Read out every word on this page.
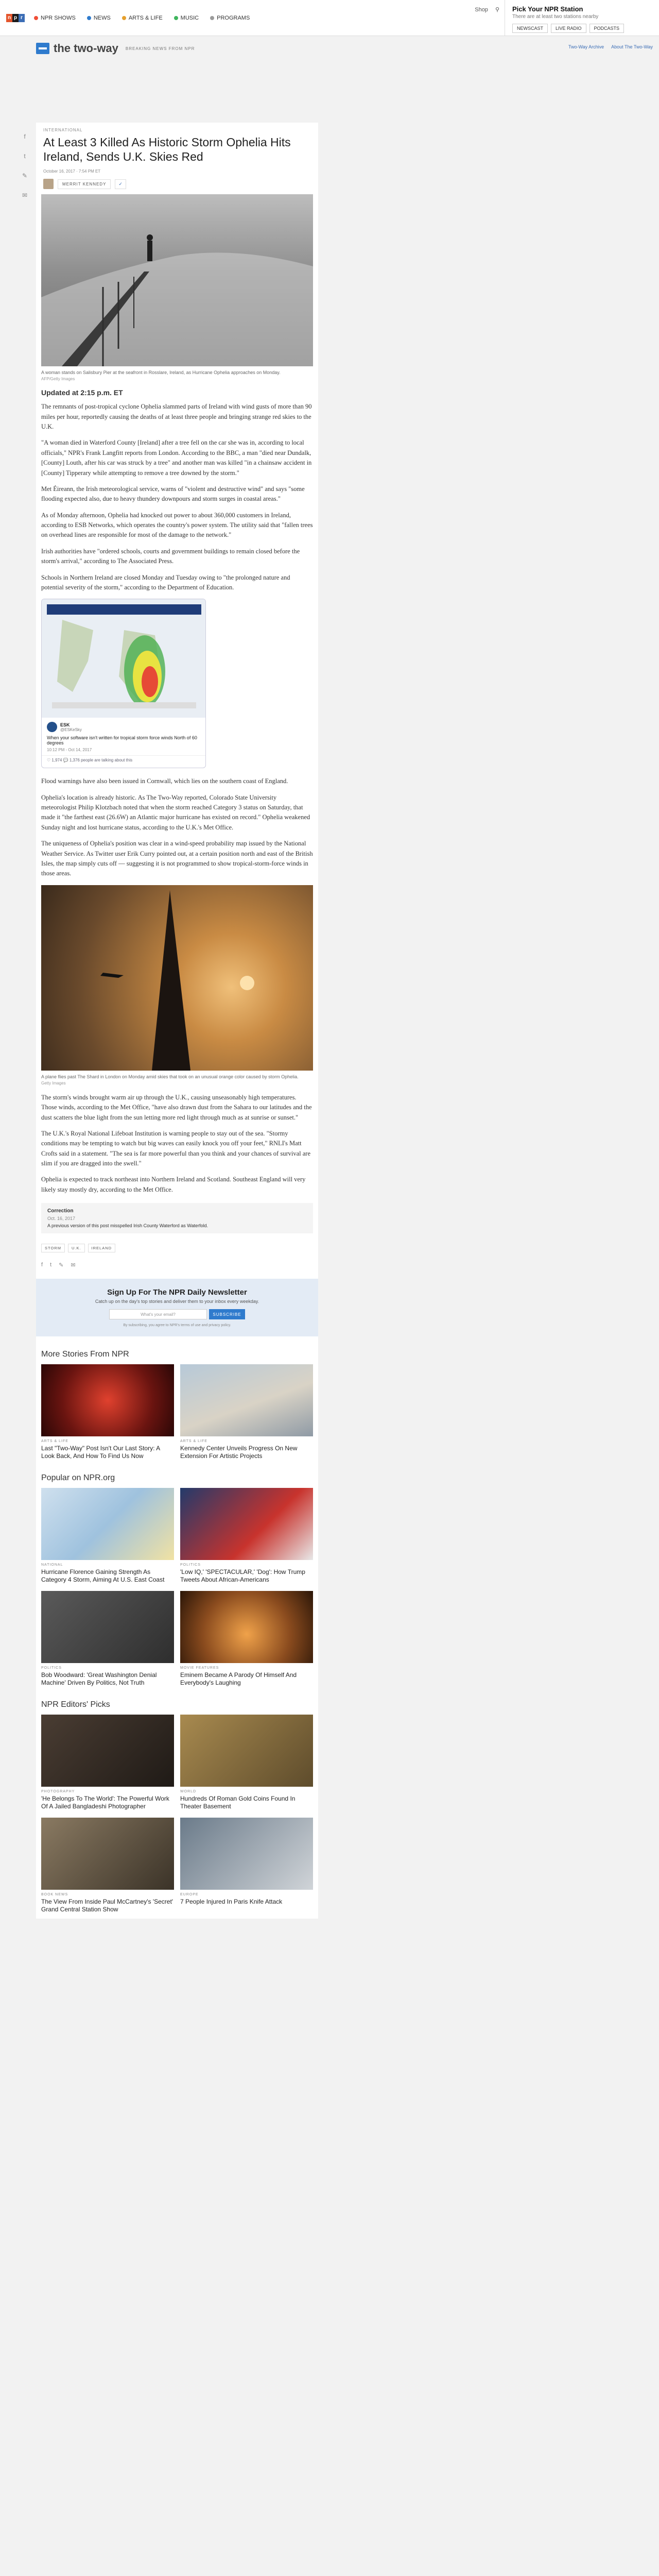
n p r	NPR SHOWS	NEWS	ARTS & LIFE	MUSIC	PROGRAMS
Shop ⚲ Pick Your NPR Station
There are at least two stations nearby
NEWSCAST	LIVE RADIO	PODCASTS
the two-way BREAKING NEWS FROM NPR	Two-Way Archive About The Two-Way
f
t
✎
✉
INTERNATIONAL
At Least 3 Killed As Historic Storm Ophelia Hits Ireland, Sends U.K. Skies Red
October 16, 2017 · 7:54 PM ET
MERRIT KENNEDY	✓
A woman stands on Salisbury Pier at the seafront in Rosslare, Ireland, as Hurricane Ophelia approaches on Monday.
AFP/Getty Images
Updated at 2:15 p.m. ET

The remnants of post-tropical cyclone Ophelia slammed parts of Ireland with wind gusts of more than 90 miles per hour, reportedly causing the deaths of at least three people and bringing strange red skies to the U.K.

"A woman died in Waterford County [Ireland] after a tree fell on the car she was in, according to local officials," NPR's Frank Langfitt reports from London. According to the BBC, a man "died near Dundalk, [County] Louth, after his car was struck by a tree" and another man was killed "in a chainsaw accident in [County] Tipperary while attempting to remove a tree downed by the storm."

Met Éireann, the Irish meteorological service, warns of "violent and destructive wind" and says "some flooding expected also, due to heavy thundery downpours and storm surges in coastal areas."

As of Monday afternoon, Ophelia had knocked out power to about 360,000 customers in Ireland, according to ESB Networks, which operates the country's power system. The utility said that "fallen trees on overhead lines are responsible for most of the damage to the network."

Irish authorities have "ordered schools, courts and government buildings to remain closed before the storm's arrival," according to The Associated Press.

Schools in Northern Ireland are closed Monday and Tuesday owing to "the prolonged nature and potential severity of the storm," according to the Department of Education.

ESK
@ESKeSky
When your software isn't written for tropical storm force winds North of 60 degrees
10:12 PM - Oct 14, 2017
♡ 1,974 💬 1,376 people are talking about this

Flood warnings have also been issued in Cornwall, which lies on the southern coast of England.

Ophelia's location is already historic. As The Two-Way reported, Colorado State University meteorologist Philip Klotzbach noted that when the storm reached Category 3 status on Saturday, that made it "the farthest east (26.6W) an Atlantic major hurricane has existed on record." Ophelia weakened Sunday night and lost hurricane status, according to the U.K.'s Met Office.

The uniqueness of Ophelia's position was clear in a wind-speed probability map issued by the National Weather Service. As Twitter user Erik Curry pointed out, at a certain position north and east of the British Isles, the map simply cuts off — suggesting it is not programmed to show tropical-storm-force winds in those areas.

A plane flies past The Shard in London on Monday amid skies that took on an unusual orange color caused by storm Ophelia.
Getty Images

The storm's winds brought warm air up through the U.K., causing unseasonably high temperatures. Those winds, according to the Met Office, "have also drawn dust from the Sahara to our latitudes and the dust scatters the blue light from the sun letting more red light through much as at sunrise or sunset."

The U.K.'s Royal National Lifeboat Institution is warning people to stay out of the sea. "Stormy conditions may be tempting to watch but big waves can easily knock you off your feet," RNLI's Matt Crofts said in a statement. "The sea is far more powerful than you think and your chances of survival are slim if you are dragged into the swell."

Ophelia is expected to track northeast into Northern Ireland and Scotland. Southeast England will very likely stay mostly dry, according to the Met Office.

Correction
Oct. 16, 2017
A previous version of this post misspelled Irish County Waterford as Waterfold.
STORM	U.K.	IRELAND
f t ✎ ✉
Sign Up For The NPR Daily Newsletter
Catch up on the day's top stories and deliver them to your inbox every weekday.
What's your email?	SUBSCRIBE
By subscribing, you agree to NPR's terms of use and privacy policy.
More Stories From NPR
ARTS & LIFE
Last "Two-Way" Post Isn't Our Last Story: A Look Back, And How To Find Us Now
ARTS & LIFE
Kennedy Center Unveils Progress On New Extension For Artistic Projects
Popular on NPR.org
NATIONAL
Hurricane Florence Gaining Strength As Category 4 Storm, Aiming At U.S. East Coast
POLITICS
'Low IQ,' 'SPECTACULAR,' 'Dog': How Trump Tweets About African-Americans
POLITICS
Bob Woodward: 'Great Washington Denial Machine' Driven By Politics, Not Truth
MOVIE FEATURES
Eminem Became A Parody Of Himself And Everybody's Laughing
NPR Editors' Picks
PHOTOGRAPHY
'He Belongs To The World': The Powerful Work Of A Jailed Bangladeshi Photographer
WORLD
Hundreds Of Roman Gold Coins Found In Theater Basement
BOOK NEWS
The View From Inside Paul McCartney's 'Secret' Grand Central Station Show
EUROPE
7 People Injured In Paris Knife Attack
